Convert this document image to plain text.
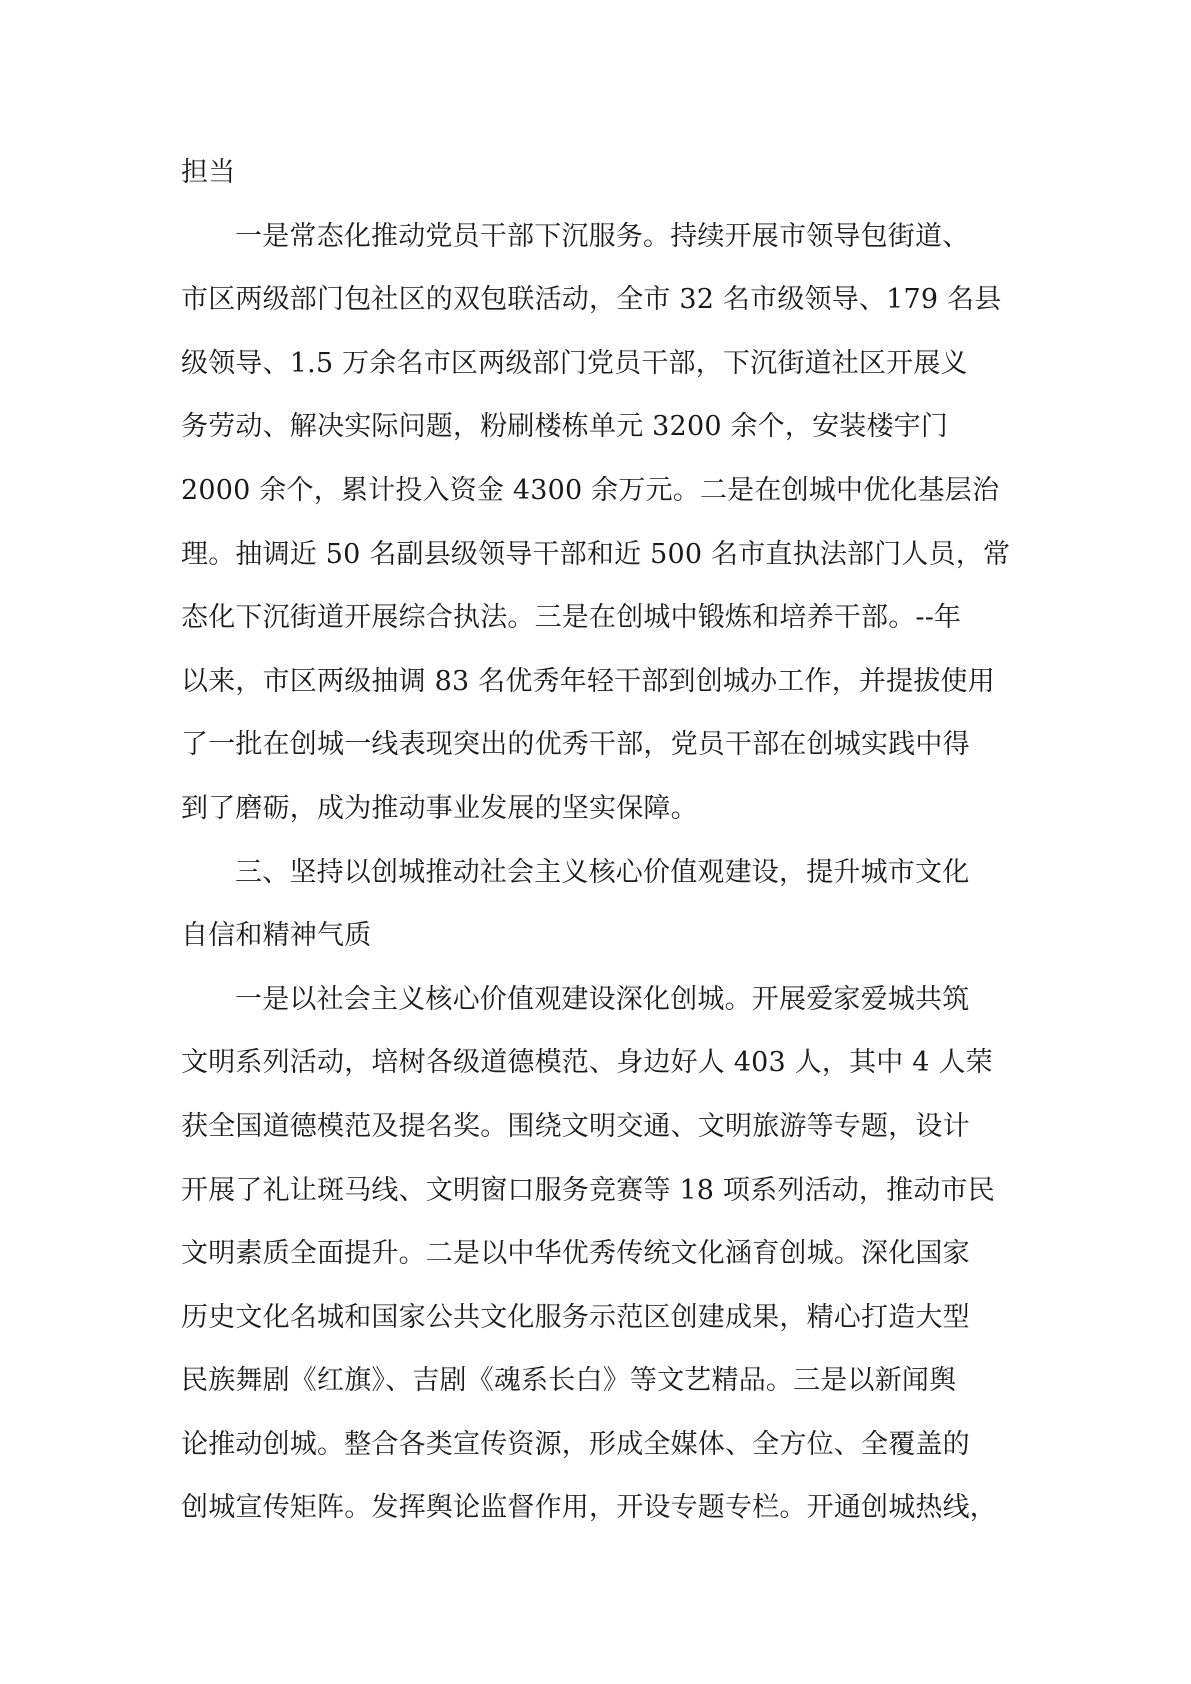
担当
一是常态化推动党员干部下沉服务。持续开展市领导包街道、
市区两级部门包社区的双包联活动，全市 32 名市级领导、179 名县
级领导、1.5 万余名市区两级部门党员干部，下沉街道社区开展义
务劳动、解决实际问题，粉刷楼栋单元 3200 余个，安装楼宇门
2000 余个，累计投入资金 4300 余万元。二是在创城中优化基层治
理。抽调近 50 名副县级领导干部和近 500 名市直执法部门人员，常
态化下沉街道开展综合执法。三是在创城中锻炼和培养干部。--年
以来，市区两级抽调 83 名优秀年轻干部到创城办工作，并提拔使用
了一批在创城一线表现突出的优秀干部，党员干部在创城实践中得
到了磨砺，成为推动事业发展的坚实保障。
三、坚持以创城推动社会主义核心价值观建设，提升城市文化
自信和精神气质
一是以社会主义核心价值观建设深化创城。开展爱家爱城共筑
文明系列活动，培树各级道德模范、身边好人 403 人，其中 4 人荣
获全国道德模范及提名奖。围绕文明交通、文明旅游等专题，设计
开展了礼让斑马线、文明窗口服务竞赛等 18 项系列活动，推动市民
文明素质全面提升。二是以中华优秀传统文化涵育创城。深化国家
历史文化名城和国家公共文化服务示范区创建成果，精心打造大型
民族舞剧《红旗》、吉剧《魂系长白》等文艺精品。三是以新闻舆
论推动创城。整合各类宣传资源，形成全媒体、全方位、全覆盖的
创城宣传矩阵。发挥舆论监督作用，开设专题专栏。开通创城热线，
